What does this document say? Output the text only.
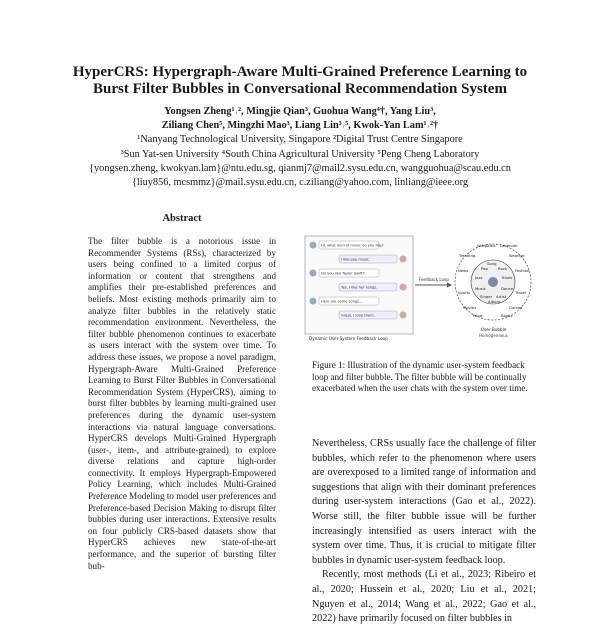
HyperCRS: Hypergraph-Aware Multi-Grained Preference Learning to
Burst Filter Bubbles in Conversational Recommendation System
Yongsen Zheng¹˒², Mingjie Qian³, Guohua Wang⁴†, Yang Liu³,
Ziliang Chen⁵, Mingzhi Mao³, Liang Lin³˒⁵, Kwok-Yan Lam¹˒²†
¹Nanyang Technological University, Singapore ²Digital Trust Centre Singapore
³Sun Yat-sen University ⁴South China Agricultural University ⁵Peng Cheng Laboratory
{yongsen.zheng, kwokyan.lam}@ntu.edu.sg, qianmj7@mail2.sysu.edu.cn, wangguohua@scau.edu.cn
{liuy856, mcsmmz}@mail.sysu.edu.cn, c.ziliang@yahoo.com, linliang@ieee.org
Abstract
The filter bubble is a notorious issue in Recommender Systems (RSs), characterized by users being confined to a limited corpus of information or content that strengthens and amplifies their pre-established preferences and beliefs. Most existing methods primarily aim to analyze filter bubbles in the relatively static recommendation environment. Nevertheless, the filter bubble phenomenon continues to exacerbate as users interact with the system over time. To address these issues, we propose a novel paradigm, Hypergraph-Aware Multi-Grained Preference Learning to Burst Filter Bubbles in Conversational Recommendation System (HyperCRS), aiming to burst filter bubbles by learning multi-grained user preferences during the dynamic user-system interactions via natural language conversations. HyperCRS develops Multi-Grained Hypergraph (user-, item-, and attribute-grained) to explore diverse relations and capture high-order connectivity. It employs Hypergraph-Empowered Policy Learning, which includes Multi-Grained Preference Modeling to model user preferences and Preference-based Decision Making to disrupt filter bubbles during user interactions. Extensive results on four publicly CRS-based datasets show that HyperCRS achieves new state-of-the-art performance, and the superior of bursting filter bub-
Hi, what kind of music do you like?
I like pop music.
Do you like Taylor Swift?
Yes, I like her songs.
Here are some songs...
Great, I love them.
Dynamic User-System Feedback Loop
Feedback Loop
Wikipedia Lavender
Pop	Rock
Jazz	Blues
Music	Dance
Singer Artist
Song
Album
Trending	Weather
News	Fashion
Sports	Travel
Movies	Games
Food	Books
User Bubble
Homogeneous
Figure 1: Illustration of the dynamic user-system feedback loop and filter bubble. The filter bubble will be continually exacerbated when the user chats with the system over time.

Nevertheless, CRSs usually face the challenge of filter bubbles, which refer to the phenomenon where users are overexposed to a limited range of information and suggestions that align with their dominant preferences during user-system interactions (Gao et al., 2022). Worse still, the filter bubble issue will be further increasingly intensified as users interact with the system over time. Thus, it is crucial to mitigate filter bubbles in dynamic user-system feedback loop.

Recently, most methods (Li et al., 2023; Ribeiro et al., 2020; Hussein et al., 2020; Liu et al., 2021; Nguyen et al., 2014; Wang et al., 2022; Gao et al., 2022) have primarily focused on filter bubbles in
